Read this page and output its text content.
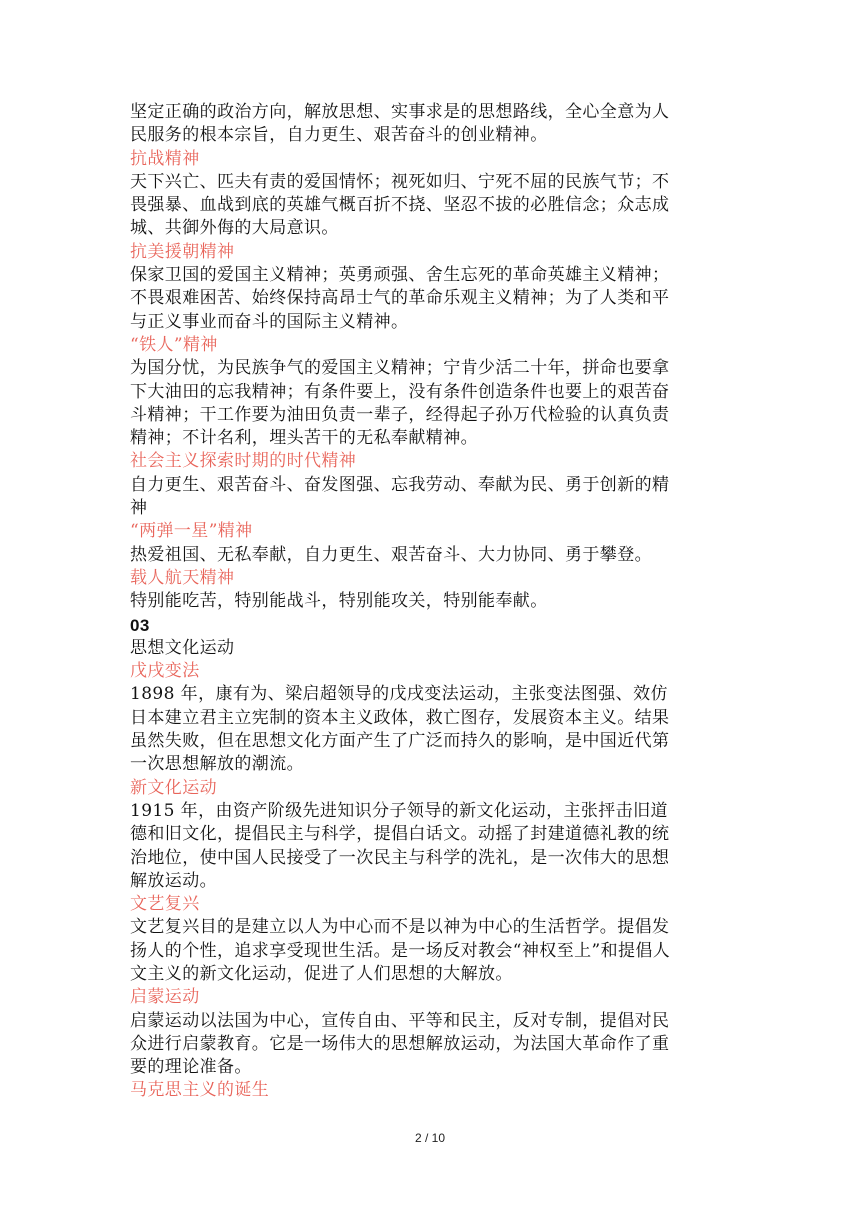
坚定正确的政治方向，解放思想、实事求是的思想路线，全心全意为人
民服务的根本宗旨，自力更生、艰苦奋斗的创业精神。
抗战精神
天下兴亡、匹夫有责的爱国情怀；视死如归、宁死不屈的民族气节；不
畏强暴、血战到底的英雄气概百折不挠、坚忍不拔的必胜信念；众志成
城、共御外侮的大局意识。
抗美援朝精神
保家卫国的爱国主义精神；英勇顽强、舍生忘死的革命英雄主义精神；
不畏艰难困苦、始终保持高昂士气的革命乐观主义精神；为了人类和平
与正义事业而奋斗的国际主义精神。
“铁人”精神
为国分忧，为民族争气的爱国主义精神；宁肯少活二十年，拼命也要拿
下大油田的忘我精神；有条件要上，没有条件创造条件也要上的艰苦奋
斗精神；干工作要为油田负责一辈子，经得起子孙万代检验的认真负责
精神；不计名利，埋头苦干的无私奉献精神。
社会主义探索时期的时代精神
自力更生、艰苦奋斗、奋发图强、忘我劳动、奉献为民、勇于创新的精
神
“两弹一星”精神
热爱祖国、无私奉献，自力更生、艰苦奋斗、大力协同、勇于攀登。
载人航天精神
特别能吃苦，特别能战斗，特别能攻关，特别能奉献。
03
思想文化运动
戊戌变法
1898 年，康有为、梁启超领导的戊戌变法运动，主张变法图强、效仿
日本建立君主立宪制的资本主义政体，救亡图存，发展资本主义。结果
虽然失败，但在思想文化方面产生了广泛而持久的影响，是中国近代第
一次思想解放的潮流。
新文化运动
1915 年，由资产阶级先进知识分子领导的新文化运动，主张抨击旧道
德和旧文化，提倡民主与科学，提倡白话文。动摇了封建道德礼教的统
治地位，使中国人民接受了一次民主与科学的洗礼，是一次伟大的思想
解放运动。
文艺复兴
文艺复兴目的是建立以人为中心而不是以神为中心的生活哲学。提倡发
扬人的个性，追求享受现世生活。是一场反对教会“神权至上”和提倡人
文主义的新文化运动，促进了人们思想的大解放。
启蒙运动
启蒙运动以法国为中心，宣传自由、平等和民主，反对专制，提倡对民
众进行启蒙教育。它是一场伟大的思想解放运动，为法国大革命作了重
要的理论准备。
马克思主义的诞生
2 / 10
